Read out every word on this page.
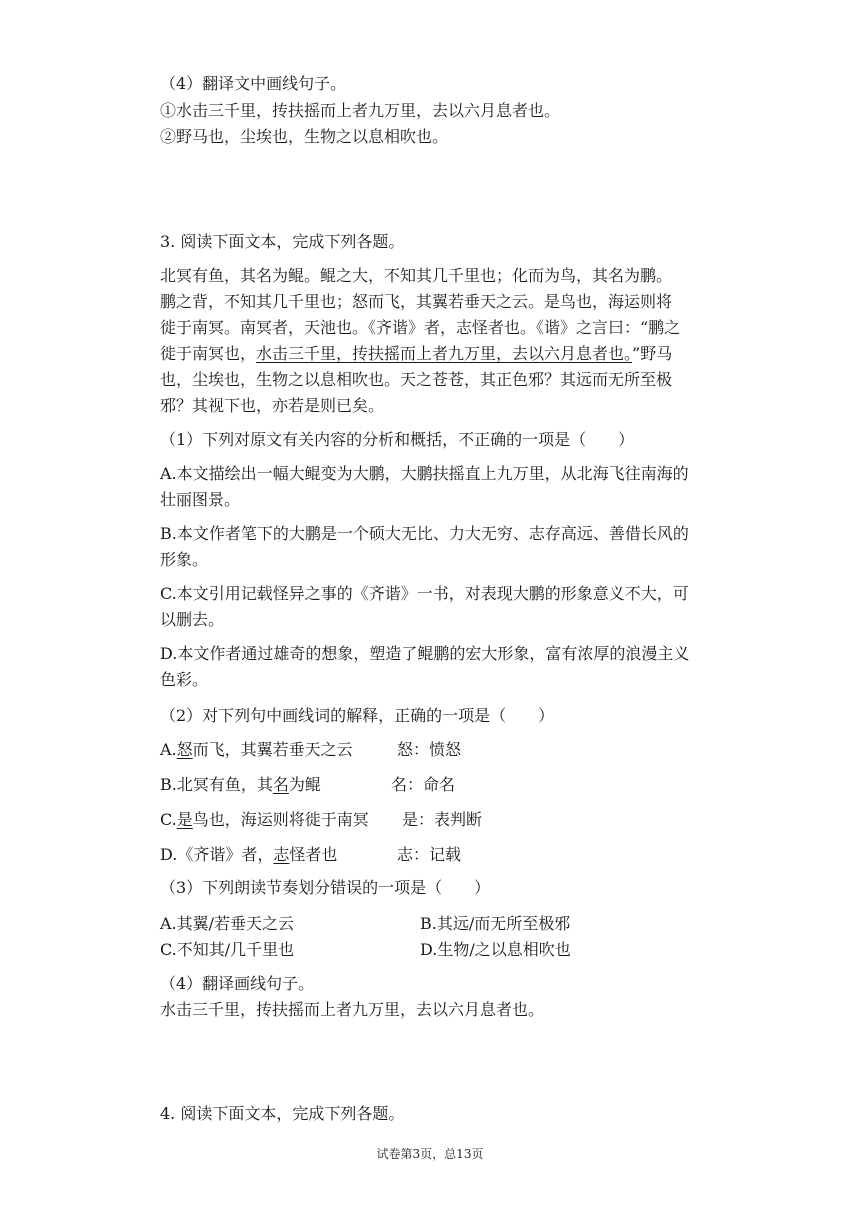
（4）翻译文中画线句子。
①水击三千里，抟扶摇而上者九万里，去以六月息者也。
②野马也，尘埃也，生物之以息相吹也。
3. 阅读下面文本，完成下列各题。
北冥有鱼，其名为鲲。鲲之大，不知其几千里也；化而为鸟，其名为鹏。
鹏之背，不知其几千里也；怒而飞，其翼若垂天之云。是鸟也，海运则将
徙于南冥。南冥者，天池也。《齐谐》者，志怪者也。《谐》之言曰：“鹏之
徙于南冥也，水击三千里，抟扶摇而上者九万里，去以六月息者也。”野马
也，尘埃也，生物之以息相吹也。天之苍苍，其正色邪？其远而无所至极
邪？其视下也，亦若是则已矣。
（1）下列对原文有关内容的分析和概括，不正确的一项是（　　）
A.本文描绘出一幅大鲲变为大鹏，大鹏扶摇直上九万里，从北海飞往南海的
壮丽图景。
B.本文作者笔下的大鹏是一个硕大无比、力大无穷、志存高远、善借长风的
形象。
C.本文引用记载怪异之事的《齐谐》一书，对表现大鹏的形象意义不大，可
以删去。
D.本文作者通过雄奇的想象，塑造了鲲鹏的宏大形象，富有浓厚的浪漫主义
色彩。
（2）对下列句中画线词的解释，正确的一项是（　　）
A.怒而飞，其翼若垂天之云	怒：愤怒
B.北冥有鱼，其名为鲲	名：命名
C.是鸟也，海运则将徙于南冥 是：表判断
D.《齐谐》者，志怪者也	志：记载
（3）下列朗读节奏划分错误的一项是（　　）
A.其翼/若垂天之云	B.其远/而无所至极邪
C.不知其/几千里也	D.生物/之以息相吹也
（4）翻译画线句子。
水击三千里，抟扶摇而上者九万里，去以六月息者也。
4. 阅读下面文本，完成下列各题。
试卷第3页，总13页
